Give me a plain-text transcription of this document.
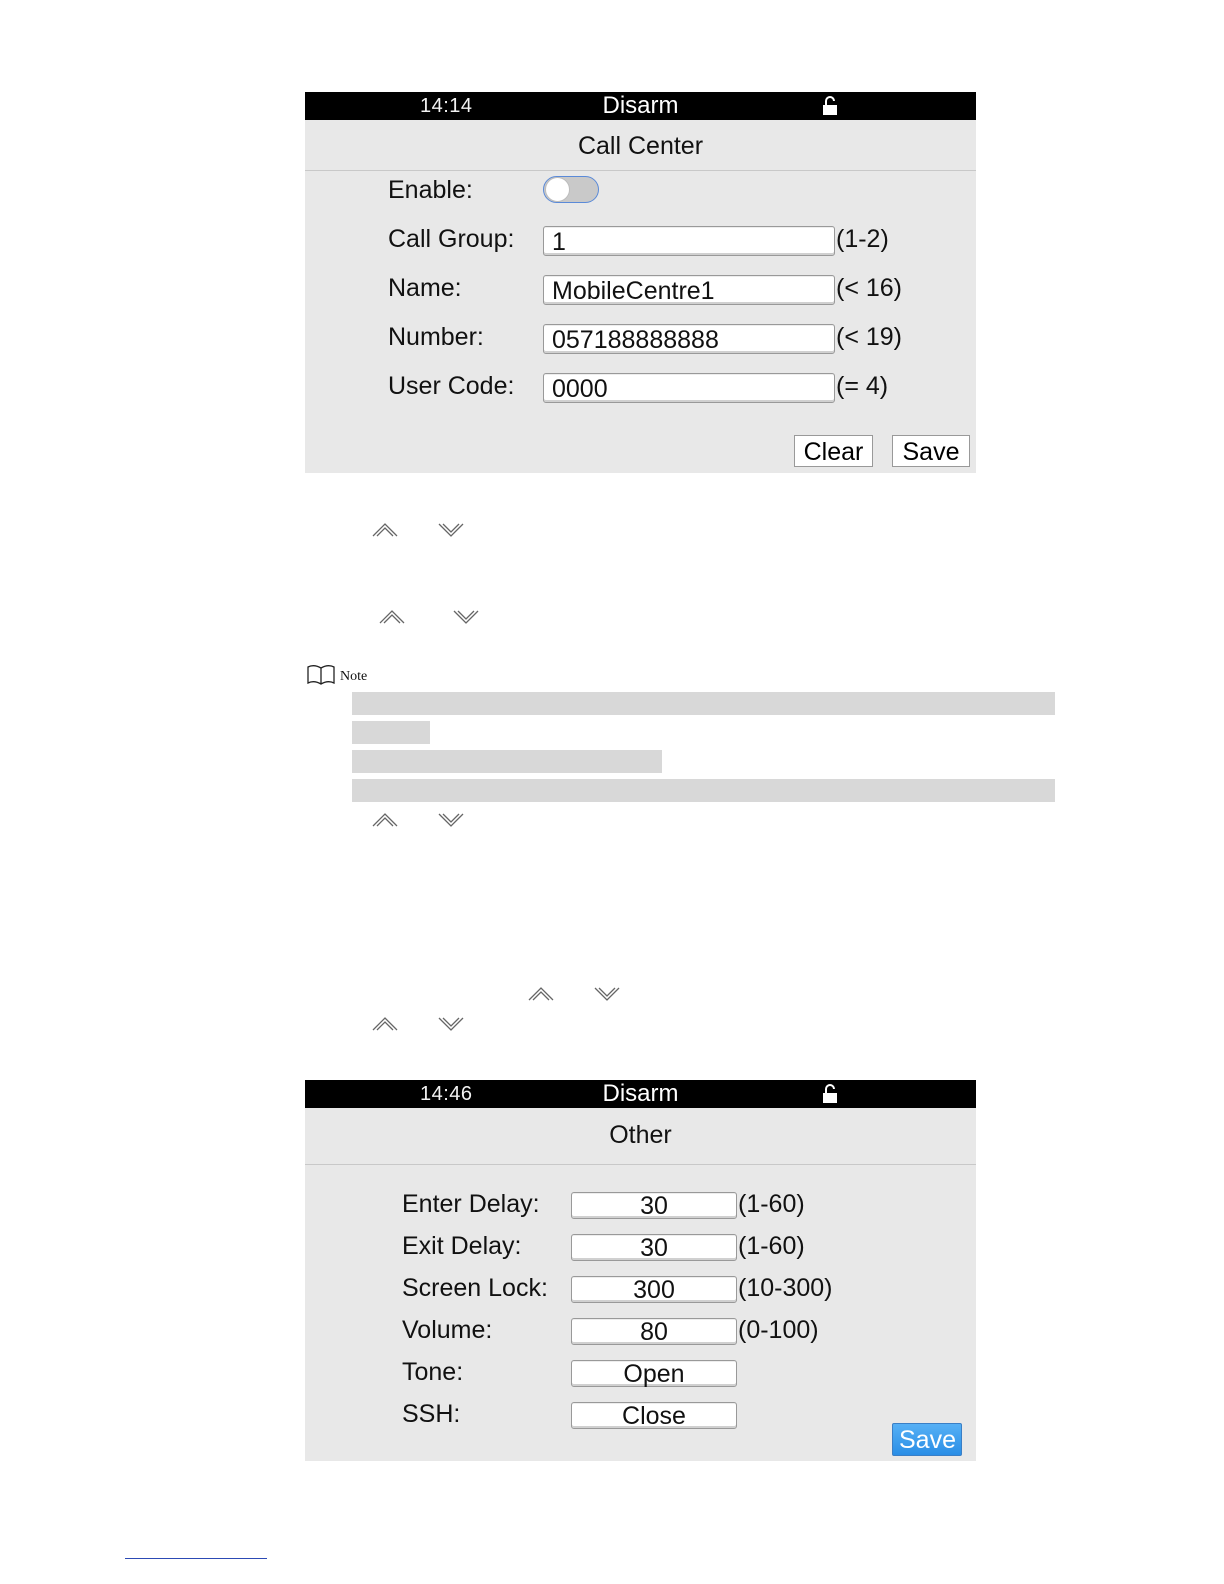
14:14	Disarm
Call Center
Enable:
Call Group:	1	(1-2)
Name:	MobileCentre1	(< 16)
Number:	057188888888	(< 19)
User Code:	0000	(= 4)
Clear	Save
Note
14:46	Disarm
Other
Enter Delay:	30	(1-60)
Exit Delay:	30	(1-60)
Screen Lock:	300	(10-300)
Volume:	80	(0-100)
Tone:	Open
SSH:	Close
Save
